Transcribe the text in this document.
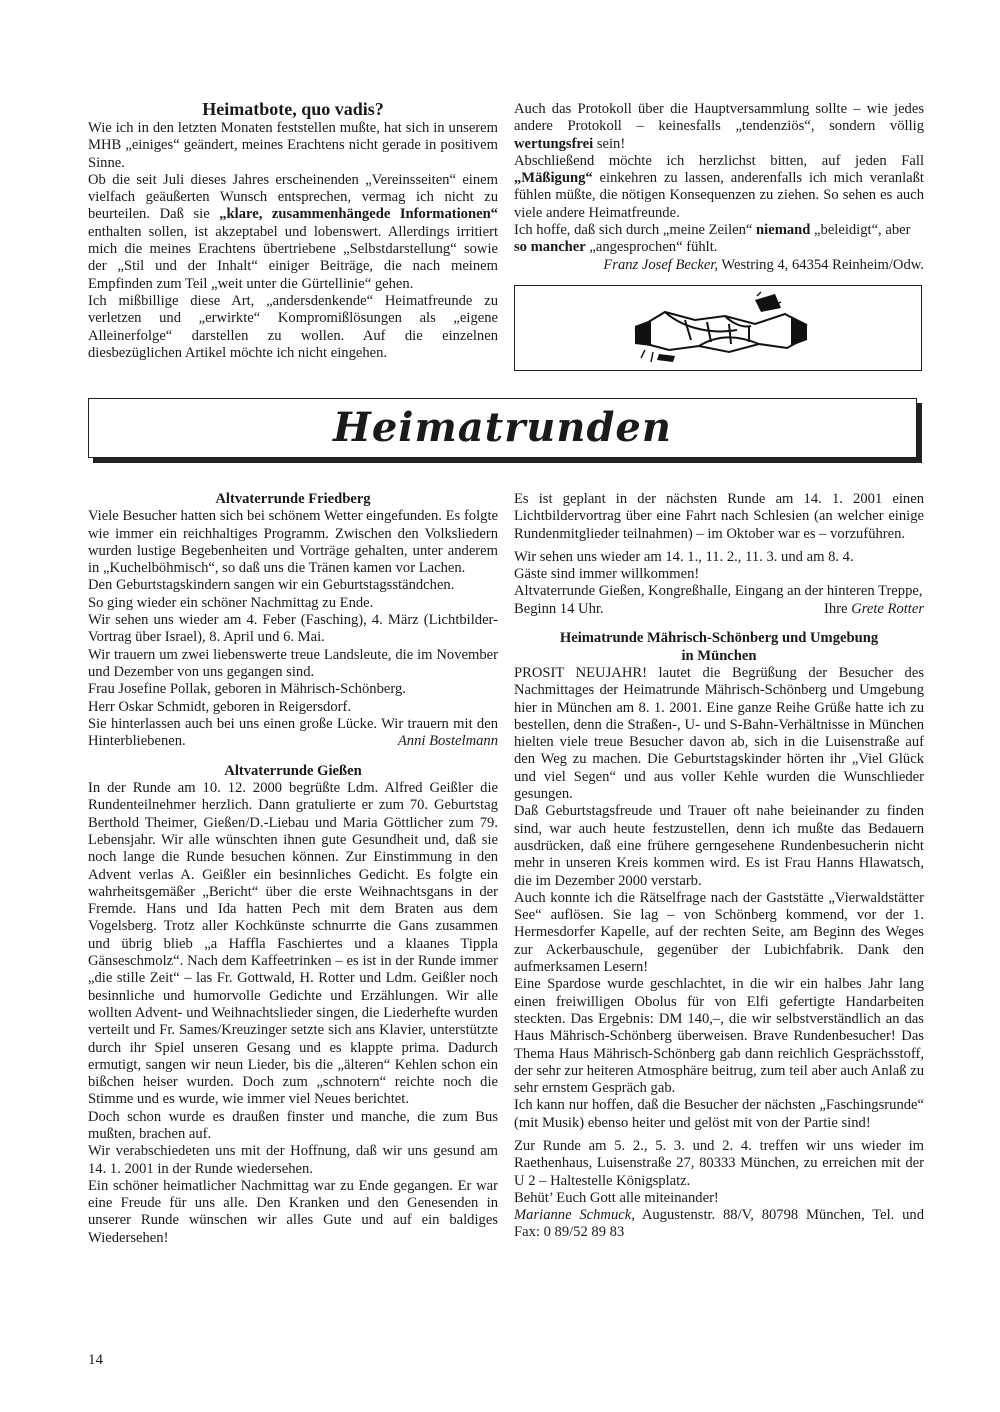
Heimatbote, quo vadis?

Wie ich in den letzten Monaten feststellen mußte, hat sich in unserem MHB „einiges“ geändert, meines Erachtens nicht gerade in positivem Sinne.

Ob die seit Juli dieses Jahres erscheinenden „Vereinsseiten“ einem vielfach geäußerten Wunsch entsprechen, vermag ich nicht zu beurteilen. Daß sie „klare, zusammenhängede Informationen“ enthalten sollen, ist akzeptabel und lobenswert. Allerdings irritiert mich die meines Erachtens übertriebene „Selbstdarstellung“ sowie der „Stil und der Inhalt“ einiger Beiträge, die nach meinem Empfinden zum Teil „weit unter die Gürtellinie“ gehen.

Ich mißbillige diese Art, „andersdenkende“ Heimatfreunde zu verletzen und „erwirkte“ Kompromißlösungen als „eigene Alleinerfolge“ darstellen zu wollen. Auf die einzelnen diesbezüglichen Artikel möchte ich nicht eingehen.

Auch das Protokoll über die Hauptversammlung sollte – wie jedes andere Protokoll – keinesfalls „tendenziös“, sondern völlig wertungsfrei sein!

Abschließend möchte ich herzlichst bitten, auf jeden Fall „Mäßigung“ einkehren zu lassen, anderenfalls ich mich veranlaßt fühlen müßte, die nötigen Konsequenzen zu ziehen. So sehen es auch viele andere Heimatfreunde.

Ich hoffe, daß sich durch „meine Zeilen“ niemand „beleidigt“, aber so mancher „angesprochen“ fühlt.

Franz Josef Becker, Westring 4, 64354 Reinheim/Odw.

Heimatrunden
Altvaterrunde Friedberg

Viele Besucher hatten sich bei schönem Wetter eingefunden. Es folgte wie immer ein reichhaltiges Programm. Zwischen den Volksliedern wurden lustige Begebenheiten und Vorträge gehalten, unter anderem in „Kuchelböhmisch“, so daß uns die Tränen kamen vor Lachen.

Den Geburtstagskindern sangen wir ein Geburtstagsständchen.

So ging wieder ein schöner Nachmittag zu Ende.

Wir sehen uns wieder am 4. Feber (Fasching), 4. März (Lichtbilder-Vortrag über Israel), 8. April und 6. Mai.

Wir trauern um zwei liebenswerte treue Landsleute, die im November und Dezember von uns gegangen sind.

Frau Josefine Pollak, geboren in Mährisch-Schönberg.

Herr Oskar Schmidt, geboren in Reigersdorf.

Sie hinterlassen auch bei uns einen große Lücke. Wir trauern mit den Hinterbliebenen.	Anni Bostelmann

Altvaterrunde Gießen

In der Runde am 10. 12. 2000 begrüßte Ldm. Alfred Geißler die Rundenteilnehmer herzlich. Dann gratulierte er zum 70. Geburtstag Berthold Theimer, Gießen/D.-Liebau und Maria Göttlicher zum 79. Lebensjahr. Wir alle wünschten ihnen gute Gesundheit und, daß sie noch lange die Runde besuchen können. Zur Einstimmung in den Advent verlas A. Geißler ein besinnliches Gedicht. Es folgte ein wahrheitsgemäßer „Bericht“ über die erste Weihnachtsgans in der Fremde. Hans und Ida hatten Pech mit dem Braten aus dem Vogelsberg. Trotz aller Kochkünste schnurrte die Gans zusammen und übrig blieb „a Haffla Faschiertes und a klaanes Tippla Gänseschmolz“. Nach dem Kaffeetrinken – es ist in der Runde immer „die stille Zeit“ – las Fr. Gottwald, H. Rotter und Ldm. Geißler noch besinnliche und humorvolle Gedichte und Erzählungen. Wir alle wollten Advent- und Weihnachtslieder singen, die Liederhefte wurden verteilt und Fr. Sames/Kreuzinger setzte sich ans Klavier, unterstützte durch ihr Spiel unseren Gesang und es klappte prima. Dadurch ermutigt, sangen wir neun Lieder, bis die „älteren“ Kehlen schon ein bißchen heiser wurden. Doch zum „schnotern“ reichte noch die Stimme und es wurde, wie immer viel Neues berichtet.

Doch schon wurde es draußen finster und manche, die zum Bus mußten, brachen auf.

Wir verabschiedeten uns mit der Hoffnung, daß wir uns gesund am 14. 1. 2001 in der Runde wiedersehen.

Ein schöner heimatlicher Nachmittag war zu Ende gegangen. Er war eine Freude für uns alle. Den Kranken und den Genesenden in unserer Runde wünschen wir alles Gute und auf ein baldiges Wiedersehen!

Es ist geplant in der nächsten Runde am 14. 1. 2001 einen Lichtbildervortrag über eine Fahrt nach Schlesien (an welcher einige Rundenmitglieder teilnahmen) – im Oktober war es – vorzuführen.

Wir sehen uns wieder am 14. 1., 11. 2., 11. 3. und am 8. 4.

Gäste sind immer willkommen!

Altvaterrunde Gießen, Kongreßhalle, Eingang an der hinteren Treppe, Beginn 14 Uhr.	Ihre Grete Rotter

Heimatrunde Mährisch-Schönberg und Umgebung
in München

PROSIT NEUJAHR! lautet die Begrüßung der Besucher des Nachmittages der Heimatrunde Mährisch-Schönberg und Umgebung hier in München am 8. 1. 2001. Eine ganze Reihe Grüße hatte ich zu bestellen, denn die Straßen-, U- und S-Bahn-Verhältnisse in München hielten viele treue Besucher davon ab, sich in die Luisenstraße auf den Weg zu machen. Die Geburtstagskinder hörten ihr „Viel Glück und viel Segen“ und aus voller Kehle wurden die Wunschlieder gesungen.

Daß Geburtstagsfreude und Trauer oft nahe beieinander zu finden sind, war auch heute festzustellen, denn ich mußte das Bedauern ausdrücken, daß eine frühere gerngesehene Rundenbesucherin nicht mehr in unseren Kreis kommen wird. Es ist Frau Hanns Hlawatsch, die im Dezember 2000 verstarb.

Auch konnte ich die Rätselfrage nach der Gaststätte „Vierwaldstätter See“ auflösen. Sie lag – von Schönberg kommend, vor der 1. Hermesdorfer Kapelle, auf der rechten Seite, am Beginn des Weges zur Ackerbauschule, gegenüber der Lubichfabrik. Dank den aufmerksamen Lesern!

Eine Spardose wurde geschlachtet, in die wir ein halbes Jahr lang einen freiwilligen Obolus für von Elfi gefertigte Handarbeiten steckten. Das Ergebnis: DM 140,–, die wir selbstverständlich an das Haus Mährisch-Schönberg überweisen. Brave Rundenbesucher! Das Thema Haus Mährisch-Schönberg gab dann reichlich Gesprächsstoff, der sehr zur heiteren Atmosphäre beitrug, zum teil aber auch Anlaß zu sehr ernstem Gespräch gab.

Ich kann nur hoffen, daß die Besucher der nächsten „Faschingsrunde“ (mit Musik) ebenso heiter und gelöst mit von der Partie sind!

Zur Runde am 5. 2., 5. 3. und 2. 4. treffen wir uns wieder im Raethenhaus, Luisenstraße 27, 80333 München, zu erreichen mit der U 2 – Haltestelle Königsplatz.

Behüt’ Euch Gott alle miteinander!

Marianne Schmuck, Augustenstr. 88/V, 80798 München, Tel. und Fax: 0 89/52 89 83

14
